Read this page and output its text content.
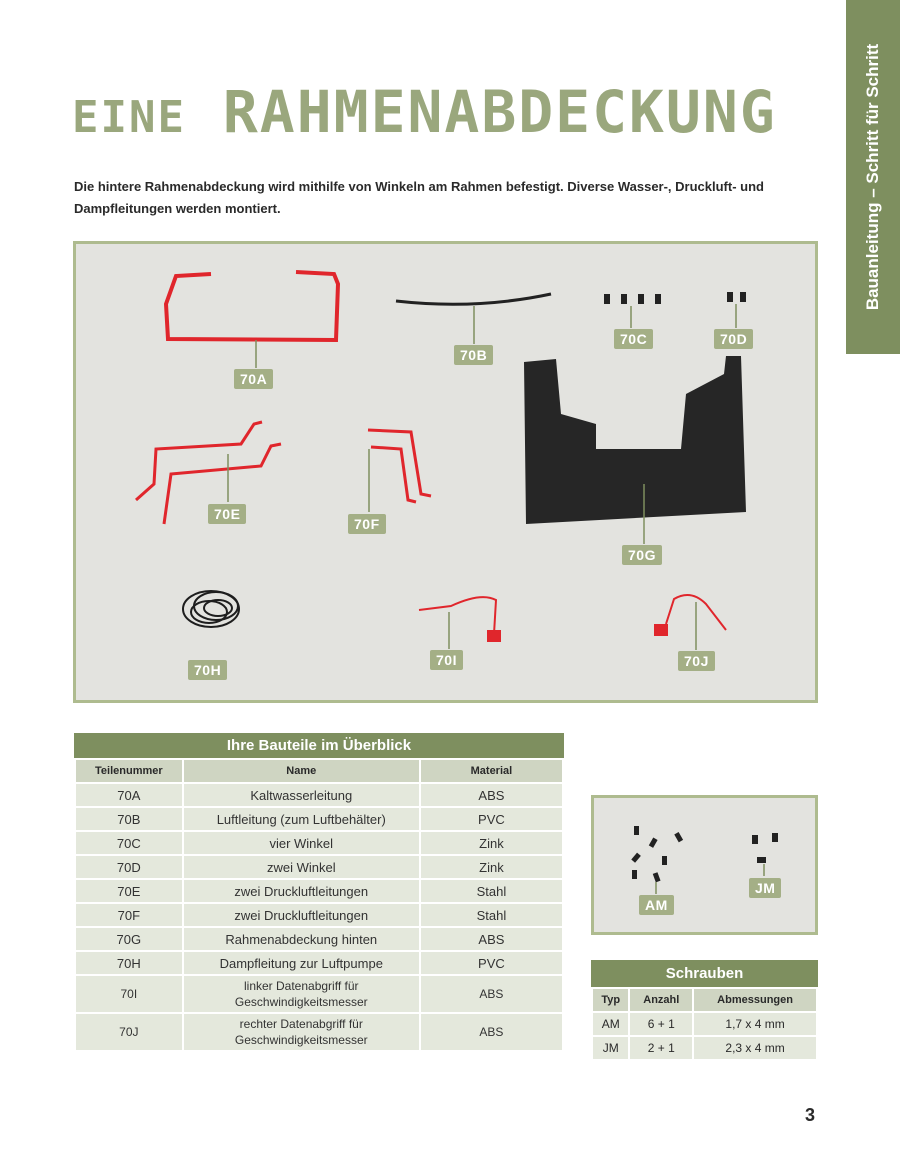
Bauanleitung – Schritt für Schritt
EINE RAHMENABDECKUNG

Die hintere Rahmenabdeckung wird mithilfe von Winkeln am Rahmen befestigt. Diverse Wasser-, Druckluft- und Dampfleitungen werden montiert.

70A
70B
70C	70D
70E
70F
70G
70H
70I	70J
Ihre Bauteile im Überblick
Teilenummer	Name	Material
70A	Kaltwasserleitung	ABS
70B	Luftleitung (zum Luftbehälter)	PVC
70C	vier Winkel	Zink
70D	zwei Winkel	Zink
70E	zwei Druckluftleitungen	Stahl
70F	zwei Druckluftleitungen	Stahl
70G	Rahmenabdeckung hinten	ABS
70H	Dampfleitung zur Luftpumpe	PVC
70I	linker Datenabgriff für
Geschwindigkeitsmesser	ABS
70J	rechter Datenabgriff für
Geschwindigkeitsmesser	ABS
AM
JM
Schrauben
Typ	Anzahl	Abmessungen
AM	6 + 1	1,7 x 4 mm
JM	2 + 1	2,3 x 4 mm
3
